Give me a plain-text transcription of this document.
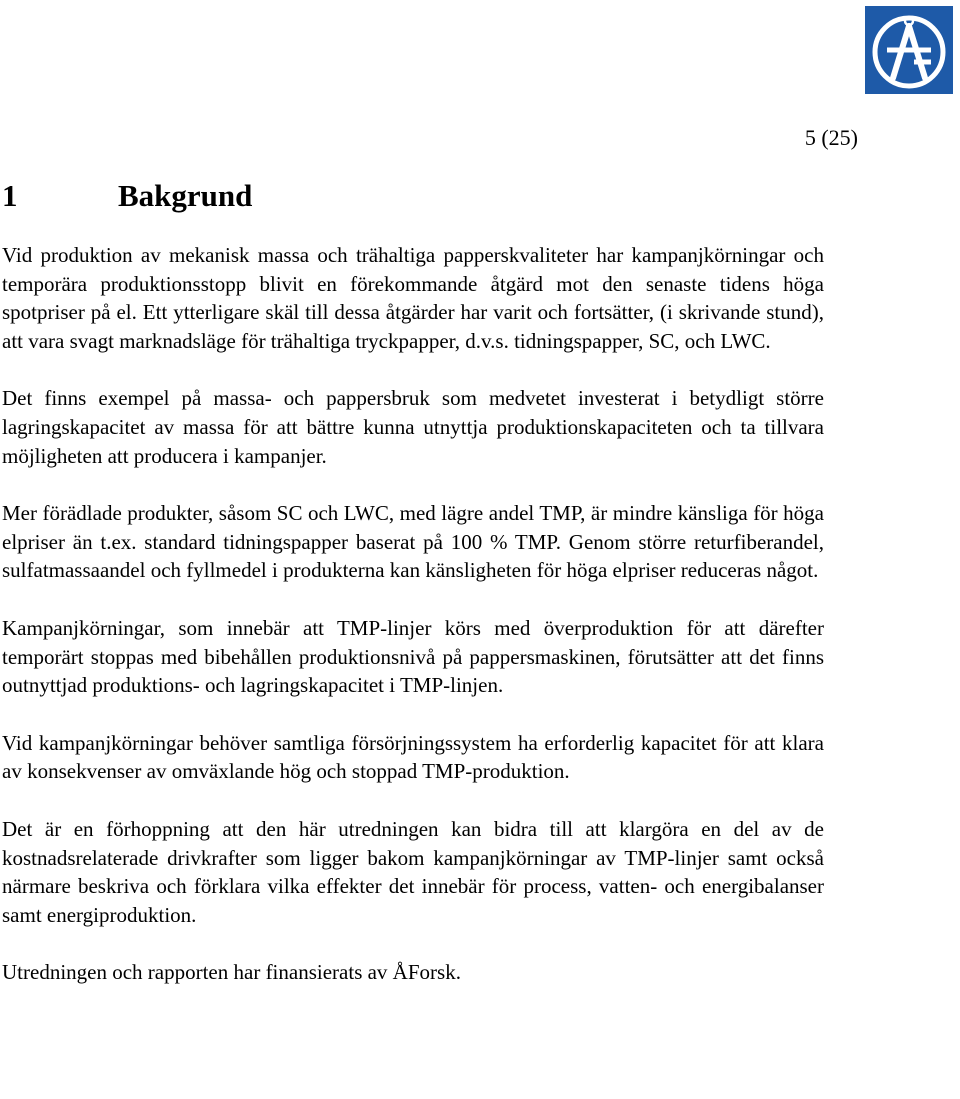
5 (25)
1	Bakgrund

Vid produktion av mekanisk massa och trähaltiga papperskvaliteter har kampanjkörningar och temporära produktionsstopp blivit en förekommande åtgärd mot den senaste tidens höga spotpriser på el. Ett ytterligare skäl till dessa åtgärder har varit och fortsätter, (i skrivande stund), att vara svagt marknadsläge för trähaltiga tryckpapper, d.v.s. tidningspapper, SC, och LWC.

Det finns exempel på massa- och pappersbruk som medvetet investerat i betydligt större lagringskapacitet av massa för att bättre kunna utnyttja produktionskapaciteten och ta tillvara möjligheten att producera i kampanjer.

Mer förädlade produkter, såsom SC och LWC, med lägre andel TMP, är mindre känsliga för höga elpriser än t.ex. standard tidningspapper baserat på 100 % TMP. Genom större returfiberandel, sulfatmassaandel och fyllmedel i produkterna kan känsligheten för höga elpriser reduceras något.

Kampanjkörningar, som innebär att TMP-linjer körs med överproduktion för att därefter temporärt stoppas med bibehållen produktionsnivå på pappersmaskinen, förutsätter att det finns outnyttjad produktions- och lagringskapacitet i TMP-linjen.

Vid kampanjkörningar behöver samtliga försörjningssystem ha erforderlig kapacitet för att klara av konsekvenser av omväxlande hög och stoppad TMP-produktion.

Det är en förhoppning att den här utredningen kan bidra till att klargöra en del av de kostnadsrelaterade drivkrafter som ligger bakom kampanjkörningar av TMP-linjer samt också närmare beskriva och förklara vilka effekter det innebär för process, vatten- och energibalanser samt energiproduktion.

Utredningen och rapporten har finansierats av ÅForsk.
